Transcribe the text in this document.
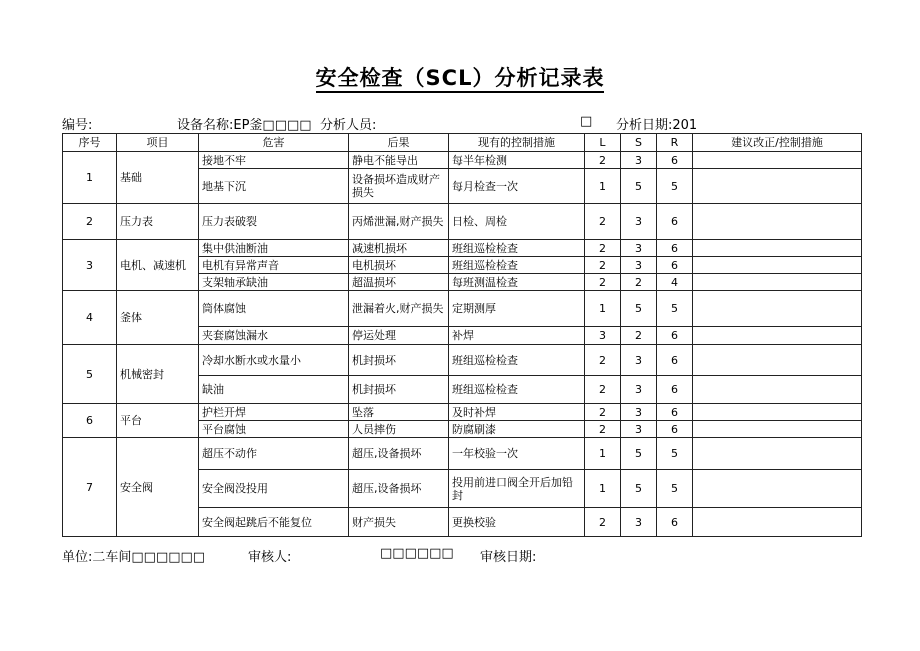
安全检查（SCL）分析记录表
编号:	设备名称:EP釜□□□□ 分析人员:	□ 分析日期:201
序号	项目	危害	后果	现有的控制措施	L	S	R	建议改正/控制措施
1	基础	接地不牢	静电不能导出	每半年检测	2	3	6	
		地基下沉	设备损坏造成财产损失	每月检查一次	1	5	5	
2	压力表	压力表破裂	丙烯泄漏,财产损失	日检、周检	2	3	6	
3	电机、减速机	集中供油断油	减速机损坏	班组巡检检查	2	3	6	
		电机有异常声音	电机损坏	班组巡检检查	2	3	6	
		支架轴承缺油	超温损坏	每班测温检查	2	2	4	
4	釜体	筒体腐蚀	泄漏着火,财产损失	定期测厚	1	5	5	
		夹套腐蚀漏水	停运处理	补焊	3	2	6	
5	机械密封	冷却水断水或水量小	机封损坏	班组巡检检查	2	3	6	
		缺油	机封损坏	班组巡检检查	2	3	6	
6	平台	护栏开焊	坠落	及时补焊	2	3	6	
		平台腐蚀	人员摔伤	防腐刷漆	2	3	6	
7	安全阀	超压不动作	超压,设备损坏	一年校验一次	1	5	5	
		安全阀没投用	超压,设备损坏	投用前进口阀全开后加铅封	1	5	5	
		安全阀起跳后不能复位	财产损失	更换校验	2	3	6	
单位:二车间□□□□□□	审核人:	□□□□□□ 审核日期:
